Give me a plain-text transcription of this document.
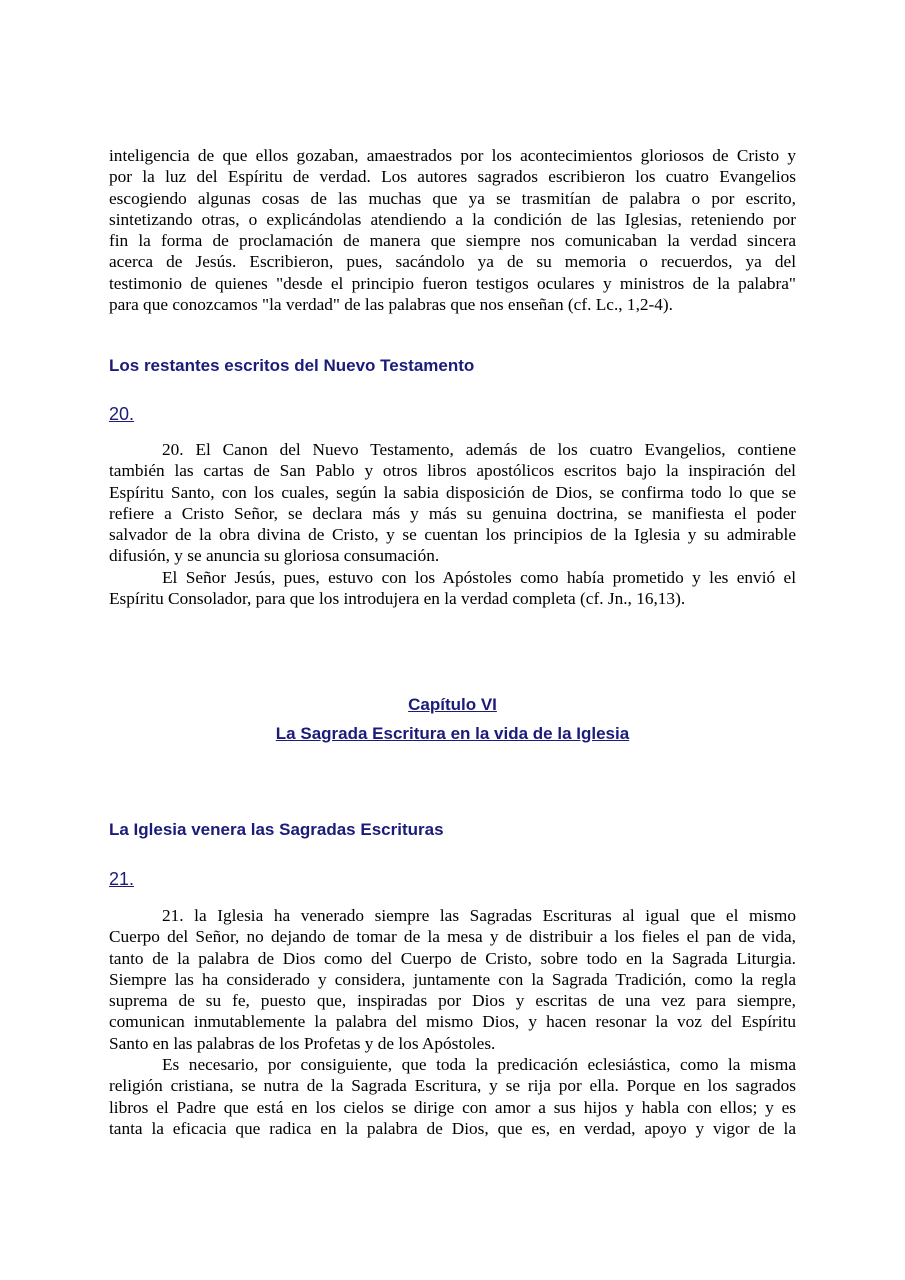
inteligencia de que ellos gozaban, amaestrados por los acontecimientos gloriosos de Cristo y
por la luz del Espíritu de verdad. Los autores sagrados escribieron los cuatro Evangelios
escogiendo algunas cosas de las muchas que ya se trasmitían de palabra o por escrito,
sintetizando otras, o explicándolas atendiendo a la condición de las Iglesias, reteniendo por
fin la forma de proclamación de manera que siempre nos comunicaban la verdad sincera
acerca de Jesús. Escribieron, pues, sacándolo ya de su memoria o recuerdos, ya del
testimonio de quienes "desde el principio fueron testigos oculares y ministros de la palabra"
para que conozcamos "la verdad" de las palabras que nos enseñan (cf. Lc., 1,2-4).
Los restantes escritos del Nuevo Testamento
20.
20. El Canon del Nuevo Testamento, además de los cuatro Evangelios, contiene
también las cartas de San Pablo y otros libros apostólicos escritos bajo la inspiración del
Espíritu Santo, con los cuales, según la sabia disposición de Dios, se confirma todo lo que se
refiere a Cristo Señor, se declara más y más su genuina doctrina, se manifiesta el poder
salvador de la obra divina de Cristo, y se cuentan los principios de la Iglesia y su admirable
difusión, y se anuncia su gloriosa consumación.
El Señor Jesús, pues, estuvo con los Apóstoles como había prometido y les envió el
Espíritu Consolador, para que los introdujera en la verdad completa (cf. Jn., 16,13).
Capítulo VI
La Sagrada Escritura en la vida de la Iglesia
La Iglesia venera las Sagradas Escrituras
21.
21. la Iglesia ha venerado siempre las Sagradas Escrituras al igual que el mismo
Cuerpo del Señor, no dejando de tomar de la mesa y de distribuir a los fieles el pan de vida,
tanto de la palabra de Dios como del Cuerpo de Cristo, sobre todo en la Sagrada Liturgia.
Siempre las ha considerado y considera, juntamente con la Sagrada Tradición, como la regla
suprema de su fe, puesto que, inspiradas por Dios y escritas de una vez para siempre,
comunican inmutablemente la palabra del mismo Dios, y hacen resonar la voz del Espíritu
Santo en las palabras de los Profetas y de los Apóstoles.
Es necesario, por consiguiente, que toda la predicación eclesiástica, como la misma
religión cristiana, se nutra de la Sagrada Escritura, y se rija por ella. Porque en los sagrados
libros el Padre que está en los cielos se dirige con amor a sus hijos y habla con ellos; y es
tanta la eficacia que radica en la palabra de Dios, que es, en verdad, apoyo y vigor de la
